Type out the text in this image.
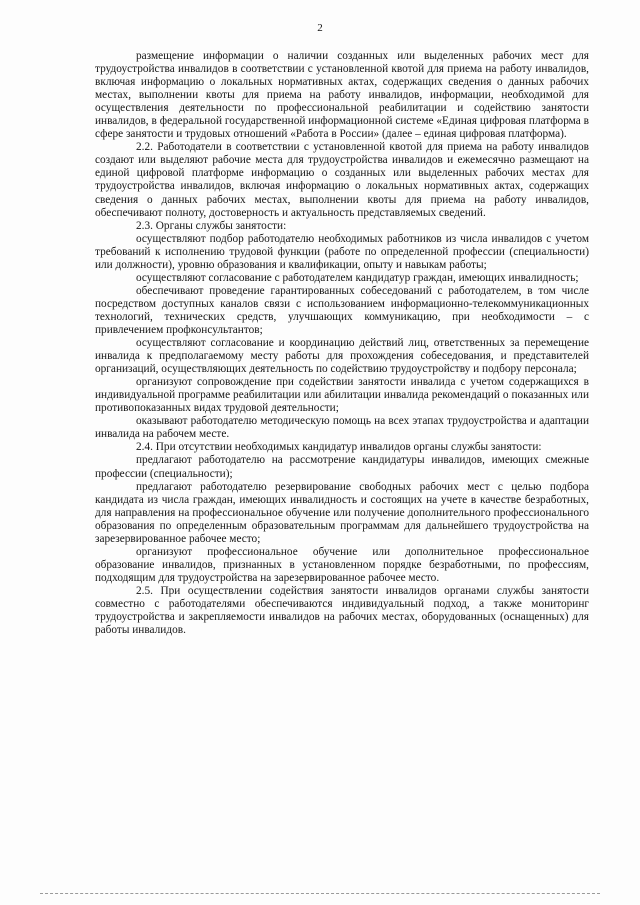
2

размещение информации о наличии созданных или выделенных рабочих мест для трудоустройства инвалидов в соответствии с установленной квотой для приема на работу инвалидов, включая информацию о локальных нормативных актах, содержащих сведения о данных рабочих местах, выполнении квоты для приема на работу инвалидов, информации, необходимой для осуществления деятельности по профессиональной реабилитации и содействию занятости инвалидов, в федеральной государственной информационной системе «Единая цифровая платформа в сфере занятости и трудовых отношений «Работа в России» (далее – единая цифровая платформа).

2.2. Работодатели в соответствии с установленной квотой для приема на работу инвалидов создают или выделяют рабочие места для трудоустройства инвалидов и ежемесячно размещают на единой цифровой платформе информацию о созданных или выделенных рабочих местах для трудоустройства инвалидов, включая информацию о локальных нормативных актах, содержащих сведения о данных рабочих местах, выполнении квоты для приема на работу инвалидов, обеспечивают полноту, достоверность и актуальность представляемых сведений.

2.3. Органы службы занятости:

осуществляют подбор работодателю необходимых работников из числа инвалидов с учетом требований к исполнению трудовой функции (работе по определенной профессии (специальности) или должности), уровню образования и квалификации, опыту и навыкам работы;

осуществляют согласование с работодателем кандидатур граждан, имеющих инвалидность;

обеспечивают проведение гарантированных собеседований с работодателем, в том числе посредством доступных каналов связи с использованием информационно-телекоммуникационных технологий, технических средств, улучшающих коммуникацию, при необходимости – с привлечением профконсультантов;

осуществляют согласование и координацию действий лиц, ответственных за перемещение инвалида к предполагаемому месту работы для прохождения собеседования, и представителей организаций, осуществляющих деятельность по содействию трудоустройству и подбору персонала;

организуют сопровождение при содействии занятости инвалида с учетом содержащихся в индивидуальной программе реабилитации или абилитации инвалида рекомендаций о показанных или противопоказанных видах трудовой деятельности;

оказывают работодателю методическую помощь на всех этапах трудоустройства и адаптации инвалида на рабочем месте.

2.4. При отсутствии необходимых кандидатур инвалидов органы службы занятости:

предлагают работодателю на рассмотрение кандидатуры инвалидов, имеющих смежные профессии (специальности);

предлагают работодателю резервирование свободных рабочих мест с целью подбора кандидата из числа граждан, имеющих инвалидность и состоящих на учете в качестве безработных, для направления на профессиональное обучение или получение дополнительного профессионального образования по определенным образовательным программам для дальнейшего трудоустройства на зарезервированное рабочее место;

организуют профессиональное обучение или дополнительное профессиональное образование инвалидов, признанных в установленном порядке безработными, по профессиям, подходящим для трудоустройства на зарезервированное рабочее место.

2.5. При осуществлении содействия занятости инвалидов органами службы занятости совместно с работодателями обеспечиваются индивидуальный подход, а также мониторинг трудоустройства и закрепляемости инвалидов на рабочих местах, оборудованных (оснащенных) для работы инвалидов.
